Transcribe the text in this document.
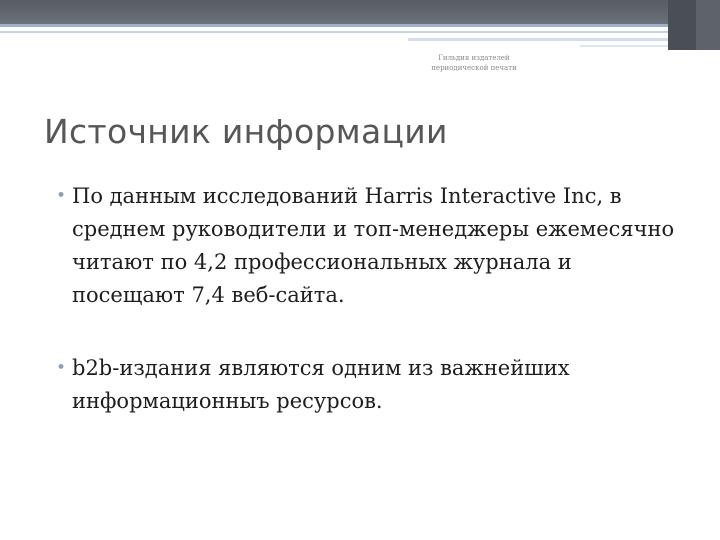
Гильдия издателей
периодической печати
Источник информации
• По данным исследований Harris Interactive Inc, в среднем руководители и топ-менеджеры ежемесячно читают по 4,2 профессиональных журнала и посещают 7,4 веб-сайта.
• b2b-издания являются одним из важнейших информационныъ ресурсов.
